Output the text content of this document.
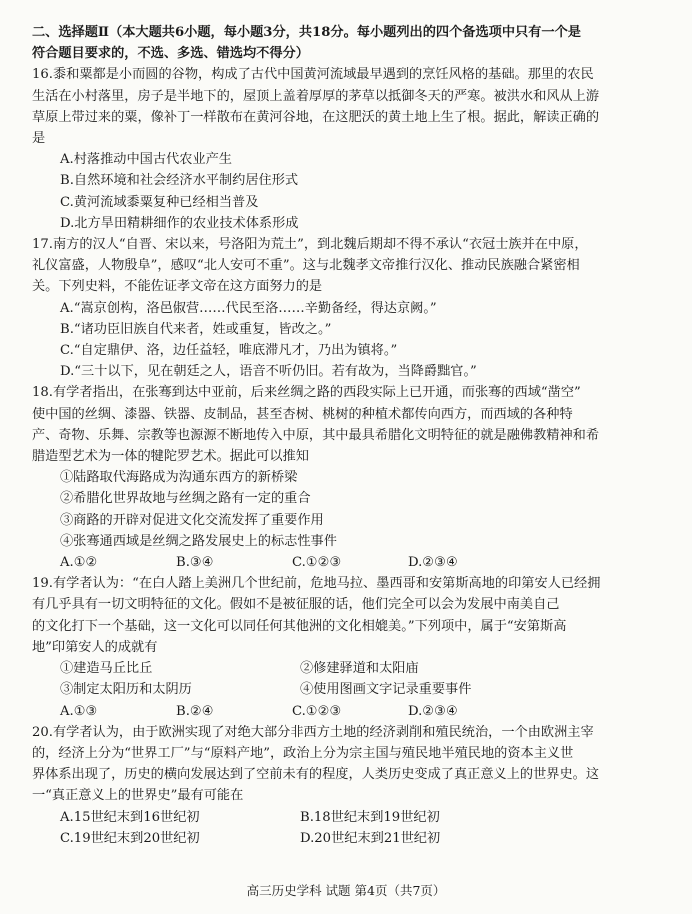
二、选择题Ⅱ（本大题共6小题，每小题3分，共18分。每小题列出的四个备选项中只有一个是

符合题目要求的，不选、多选、错选均不得分）

16.黍和粟都是小而圆的谷物，构成了古代中国黄河流域最早遇到的烹饪风格的基础。那里的农民

生活在小村落里，房子是半地下的，屋顶上盖着厚厚的茅草以抵御冬天的严寒。被洪水和风从上游

草原上带过来的粟，像补丁一样散布在黄河谷地，在这肥沃的黄土地上生了根。据此，解读正确的

是

A.村落推动中国古代农业产生

B.自然环境和社会经济水平制约居住形式

C.黄河流域黍粟复种已经相当普及

D.北方旱田精耕细作的农业技术体系形成

17.南方的汉人“自晋、宋以来，号洛阳为荒土”，到北魏后期却不得不承认“衣冠士族并在中原，

礼仪富盛，人物殷阜”，感叹“北人安可不重”。这与北魏孝文帝推行汉化、推动民族融合紧密相

关。下列史料，不能佐证孝文帝在这方面努力的是

A.“嵩京创构，洛邑俶营……代民至洛……辛勤备经，得达京阙。”

B.“诸功臣旧族自代来者，姓或重复，皆改之。”

C.“自定鼎伊、洛，边任益轻，唯底滞凡才，乃出为镇将。”

D.“三十以下，见在朝廷之人，语音不听仍旧。若有故为，当降爵黜官。”

18.有学者指出，在张骞到达中亚前，后来丝绸之路的西段实际上已开通，而张骞的西域“凿空”

使中国的丝绸、漆器、铁器、皮制品，甚至杏树、桃树的种植术都传向西方，而西域的各种特

产、奇物、乐舞、宗教等也源源不断地传入中原，其中最具希腊化文明特征的就是融佛教精神和希

腊造型艺术为一体的犍陀罗艺术。据此可以推知

①陆路取代海路成为沟通东西方的新桥梁

②希腊化世界故地与丝绸之路有一定的重合

③商路的开辟对促进文化交流发挥了重要作用

④张骞通西域是丝绸之路发展史上的标志性事件

A.①②	B.③④	C.①②③	D.②③④

19.有学者认为：“在白人踏上美洲几个世纪前，危地马拉、墨西哥和安第斯高地的印第安人已经拥

有几乎具有一切文明特征的文化。假如不是被征服的话，他们完全可以会为发展中南美自己

的文化打下一个基础，这一文化可以同任何其他洲的文化相媲美。”下列项中，属于“安第斯高

地”印第安人的成就有

①建造马丘比丘	②修建驿道和太阳庙
③制定太阳历和太阴历	④使用图画文字记录重要事件
A.①③	B.②④	C.①②③	D.②③④

20.有学者认为，由于欧洲实现了对绝大部分非西方土地的经济剥削和殖民统治，一个由欧洲主宰

的，经济上分为“世界工厂”与“原料产地”，政治上分为宗主国与殖民地半殖民地的资本主义世

界体系出现了，历史的横向发展达到了空前未有的程度，人类历史变成了真正意义上的世界史。这

一“真正意义上的世界史”最有可能在

A.15世纪末到16世纪初	B.18世纪末到19世纪初
C.19世纪末到20世纪初	D.20世纪末到21世纪初
高三历史学科 试题 第4页（共7页）
